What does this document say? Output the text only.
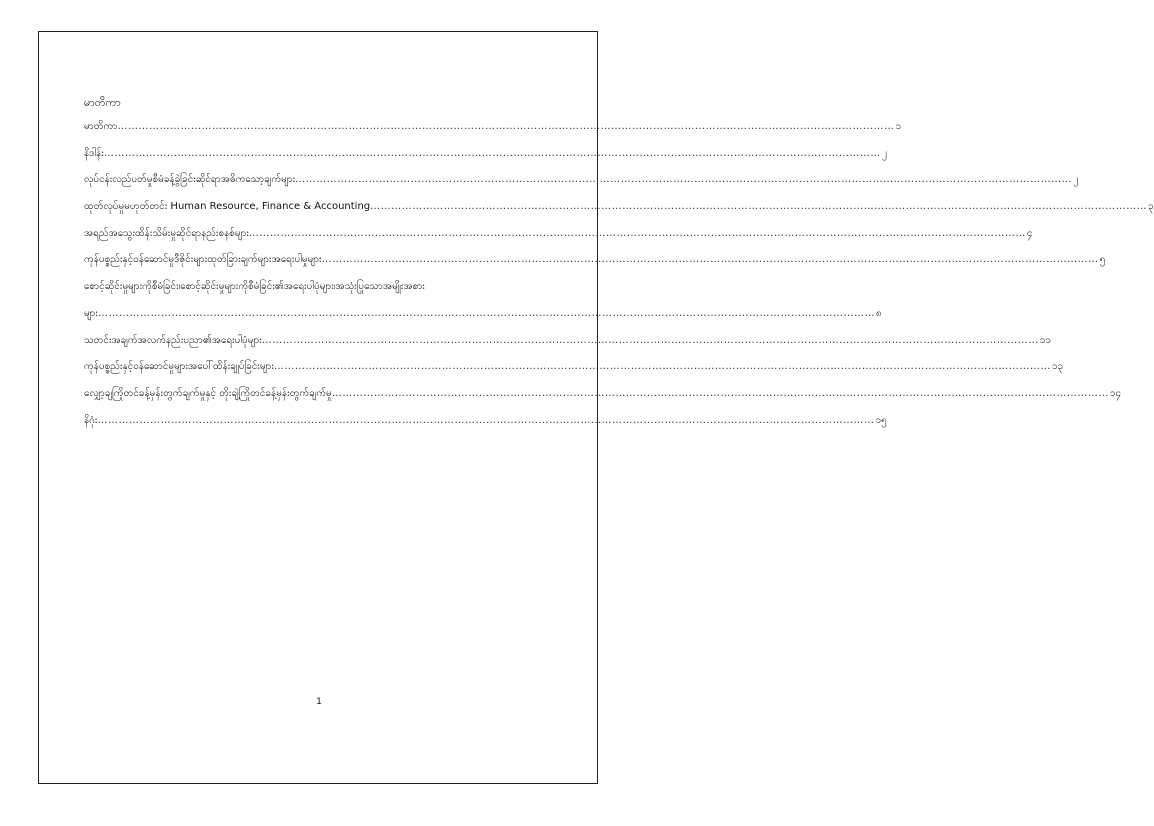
မာတိကာ
မာတိကာ ……………………………………………………………………………………………………………………………………………………………………………………………………	၁
နိဒါန်း ……………………………………………………………………………………………………………………………………………………………………………………………………	၂
လုပ်ငန်းလည်ပတ်မှုစီမံခန့်ခွဲခြင်းဆိုင်ရာအဓိကသော့ချက်များ ……………………………………………………………………………………………………………………………………………………………………………………………………	၂
ထုတ်လုပ်မှုမဟုတ်တင်း Human Resource, Finance & Accounting ……………………………………………………………………………………………………………………………………………………………………………………………………	၃
အရည်အသွေးထိန်းသိမ်းမှုဆိုင်ရာနည်းစနစ်များ ……………………………………………………………………………………………………………………………………………………………………………………………………	၄
ကုန်ပစ္စည်းနှင့်ဝန်ဆောင်မှုဒီဇိုင်းများထုတ်ခြားချက်များအရေးပါမှုများ ……………………………………………………………………………………………………………………………………………………………………………………………………	၅
စောင့်ဆိုင်းမှုများကိုစီမံခြင်း၊စောင့်ဆိုင်းမှုများကိုစီမံခြင်း၏အရေးပါပုံများ၊အသုံးပြုသောအမျိုးအစား
များ ……………………………………………………………………………………………………………………………………………………………………………………………………	၈
သတင်းအချက်အလက်နည်းပညာ၏အရေးပါပုံများ ……………………………………………………………………………………………………………………………………………………………………………………………………	၁၁
ကုန်ပစ္စည်းနှင့်ဝန်ဆောင်မှုများအပေါ်ထိန်းချုပ်ခြင်းများ ……………………………………………………………………………………………………………………………………………………………………………………………………	၁၃
လျှော့ချကြိုတင်ခန့်မှန်းတွက်ချက်မှုနှင့် တိုးချဲ့ကြိုတင်ခန့်မှန်းတွက်ချက်မှု ……………………………………………………………………………………………………………………………………………………………………………………………………	၁၄
နိဂုံး ……………………………………………………………………………………………………………………………………………………………………………………………………	၁၅
1
